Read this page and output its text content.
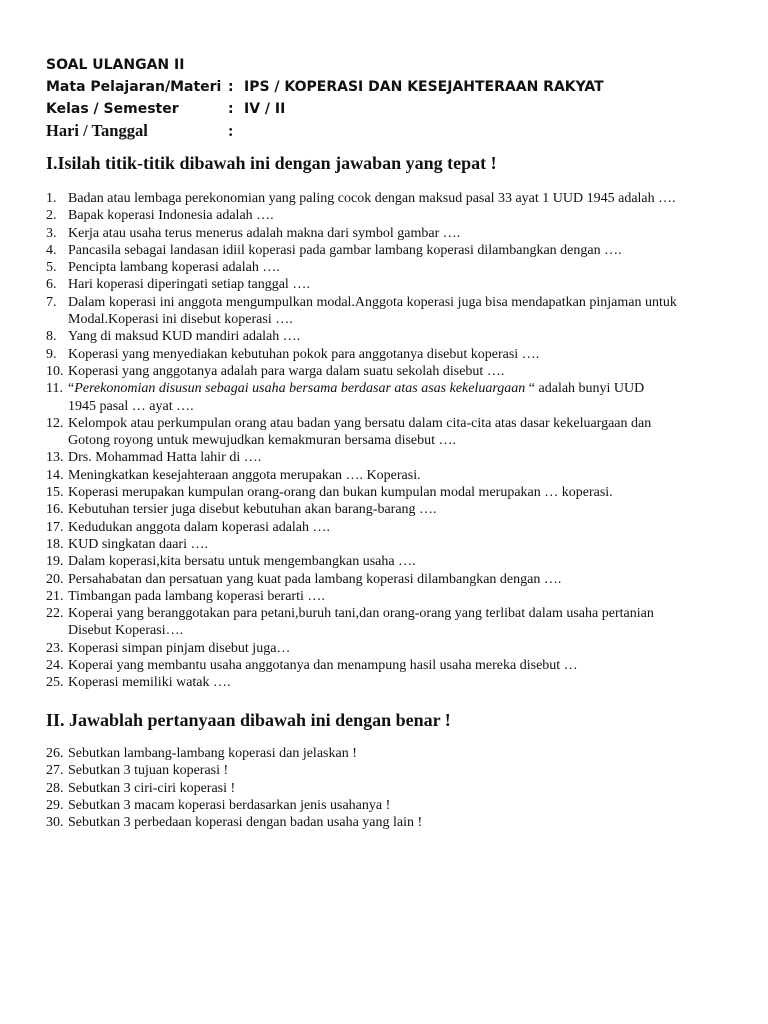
SOAL ULANGAN II
Mata Pelajaran/Materi : IPS / KOPERASI DAN KESEJAHTERAAN RAKYAT
Kelas / Semester	: IV / II
Hari / Tanggal	:
I.Isilah titik-titik dibawah ini dengan jawaban yang tepat !
1. Badan atau lembaga perekonomian yang paling cocok dengan maksud pasal 33 ayat 1 UUD 1945 adalah ….
2. Bapak koperasi Indonesia adalah ….
3. Kerja atau usaha terus menerus adalah makna dari symbol gambar ….
4. Pancasila sebagai landasan idiil koperasi pada gambar lambang koperasi dilambangkan dengan ….
5. Pencipta lambang koperasi adalah ….
6. Hari koperasi diperingati setiap tanggal ….
7. Dalam koperasi ini anggota mengumpulkan modal.Anggota koperasi juga bisa mendapatkan pinjaman untuk
Modal.Koperasi ini disebut koperasi ….
8. Yang di maksud KUD mandiri adalah ….
9. Koperasi yang menyediakan kebutuhan pokok para anggotanya disebut koperasi ….
10. Koperasi yang anggotanya adalah para warga dalam suatu sekolah disebut ….
11. “Perekonomian disusun sebagai usaha bersama berdasar atas asas kekeluargaan “ adalah bunyi UUD
1945 pasal … ayat ….
12. Kelompok atau perkumpulan orang atau badan yang bersatu dalam cita-cita atas dasar kekeluargaan dan
Gotong royong untuk mewujudkan kemakmuran bersama disebut ….
13. Drs. Mohammad Hatta lahir di ….
14. Meningkatkan kesejahteraan anggota merupakan …. Koperasi.
15. Koperasi merupakan kumpulan orang-orang dan bukan kumpulan modal merupakan … koperasi.
16. Kebutuhan tersier juga disebut kebutuhan akan barang-barang ….
17. Kedudukan anggota dalam koperasi adalah ….
18. KUD singkatan daari ….
19. Dalam koperasi,kita bersatu untuk mengembangkan usaha ….
20. Persahabatan dan persatuan yang kuat pada lambang koperasi dilambangkan dengan ….
21. Timbangan pada lambang koperasi berarti ….
22. Koperai yang beranggotakan para petani,buruh tani,dan orang-orang yang terlibat dalam usaha pertanian
Disebut Koperasi….
23. Koperasi simpan pinjam disebut juga…
24. Koperai yang membantu usaha anggotanya dan menampung hasil usaha mereka disebut …
25. Koperasi memiliki watak ….
II. Jawablah pertanyaan dibawah ini dengan benar !
26. Sebutkan lambang-lambang koperasi dan jelaskan !
27. Sebutkan 3 tujuan koperasi !
28. Sebutkan 3 ciri-ciri koperasi !
29. Sebutkan 3 macam koperasi berdasarkan jenis usahanya !
30. Sebutkan 3 perbedaan koperasi dengan badan usaha yang lain !
